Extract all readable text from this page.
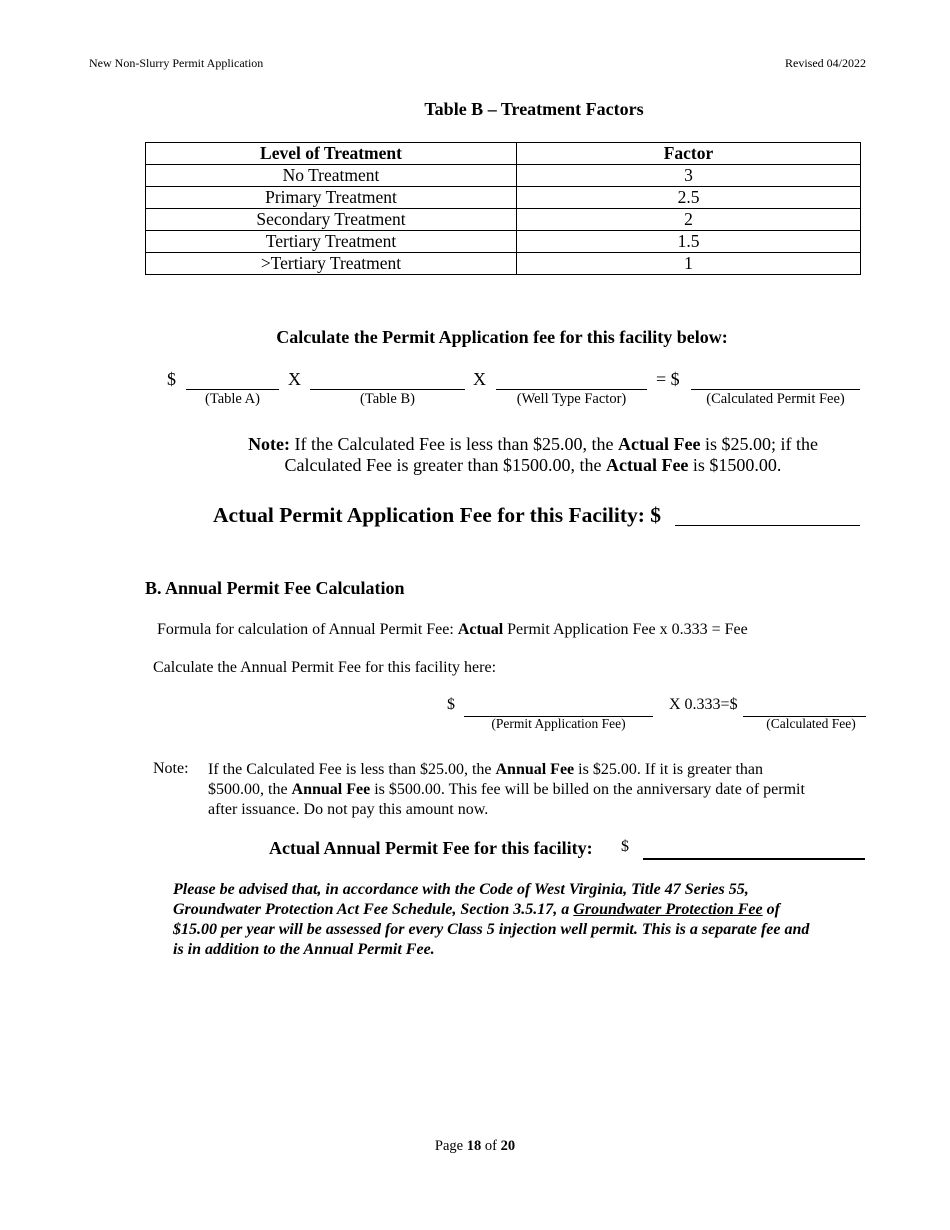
New Non-Slurry Permit Application	Revised 04/2022
Table B – Treatment Factors
Level of Treatment	Factor
No Treatment	3
Primary Treatment	2.5
Secondary Treatment	2
Tertiary Treatment	1.5
>Tertiary Treatment	1
Calculate the Permit Application fee for this facility below:
$	X	X	= $
(Table A)	(Table B)	(Well Type Factor)	(Calculated Permit Fee)
Note: If the Calculated Fee is less than $25.00, the Actual Fee is $25.00; if the
Calculated Fee is greater than $1500.00, the Actual Fee is $1500.00.
Actual Permit Application Fee for this Facility: $
B. Annual Permit Fee Calculation
Formula for calculation of Annual Permit Fee: Actual Permit Application Fee x 0.333 = Fee
Calculate the Annual Permit Fee for this facility here:
$	X 0.333=$
(Permit Application Fee)	(Calculated Fee)
Note: If the Calculated Fee is less than $25.00, the Annual Fee is $25.00. If it is greater than
$500.00, the Annual Fee is $500.00. This fee will be billed on the anniversary date of permit
after issuance. Do not pay this amount now.
Actual Annual Permit Fee for this facility: $
Please be advised that, in accordance with the Code of West Virginia, Title 47 Series 55,
Groundwater Protection Act Fee Schedule, Section 3.5.17, a Groundwater Protection Fee of
$15.00 per year will be assessed for every Class 5 injection well permit. This is a separate fee and
is in addition to the Annual Permit Fee.
Page 18 of 20
